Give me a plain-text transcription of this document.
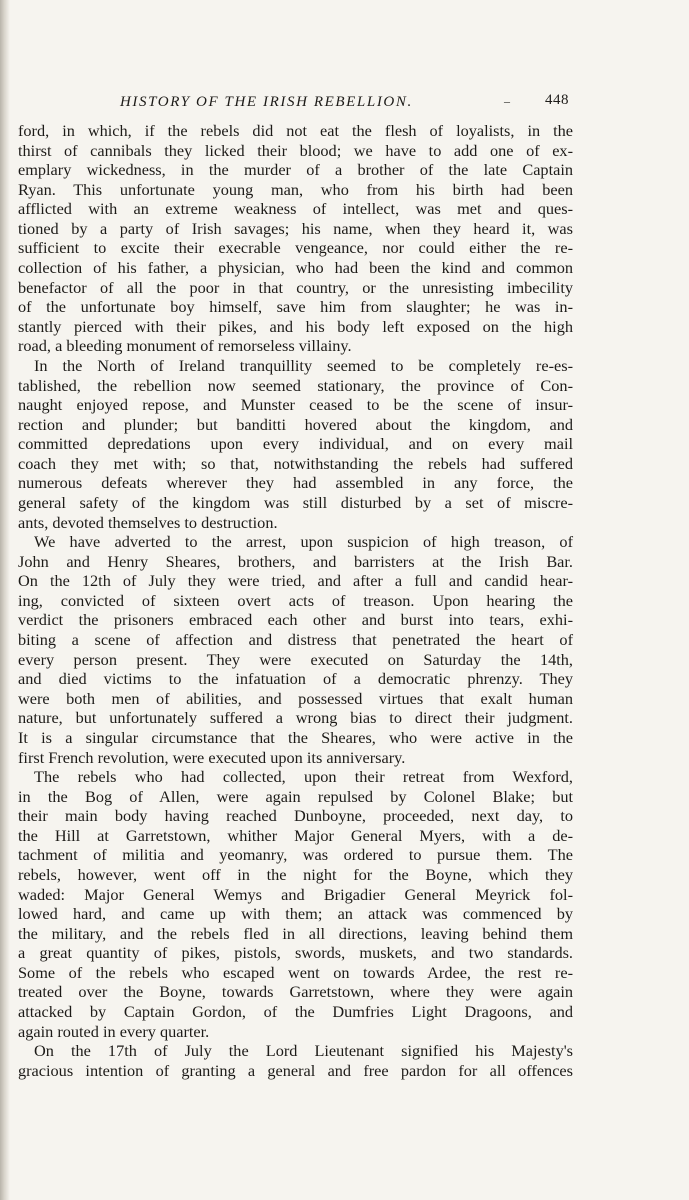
HISTORY OF THE IRISH REBELLION.	– 448
ford, in which, if the rebels did not eat the flesh of loyalists, in the
thirst of cannibals they licked their blood; we have to add one of ex-
emplary wickedness, in the murder of a brother of the late Captain
Ryan. This unfortunate young man, who from his birth had been
afflicted with an extreme weakness of intellect, was met and ques-
tioned by a party of Irish savages; his name, when they heard it, was
sufficient to excite their execrable vengeance, nor could either the re-
collection of his father, a physician, who had been the kind and common
benefactor of all the poor in that country, or the unresisting imbecility
of the unfortunate boy himself, save him from slaughter; he was in-
stantly pierced with their pikes, and his body left exposed on the high
road, a bleeding monument of remorseless villainy.
In the North of Ireland tranquillity seemed to be completely re-es-
tablished, the rebellion now seemed stationary, the province of Con-
naught enjoyed repose, and Munster ceased to be the scene of insur-
rection and plunder; but banditti hovered about the kingdom, and
committed depredations upon every individual, and on every mail
coach they met with; so that, notwithstanding the rebels had suffered
numerous defeats wherever they had assembled in any force, the
general safety of the kingdom was still disturbed by a set of miscre-
ants, devoted themselves to destruction.
We have adverted to the arrest, upon suspicion of high treason, of
John and Henry Sheares, brothers, and barristers at the Irish Bar.
On the 12th of July they were tried, and after a full and candid hear-
ing, convicted of sixteen overt acts of treason. Upon hearing the
verdict the prisoners embraced each other and burst into tears, exhi-
biting a scene of affection and distress that penetrated the heart of
every person present. They were executed on Saturday the 14th,
and died victims to the infatuation of a democratic phrenzy. They
were both men of abilities, and possessed virtues that exalt human
nature, but unfortunately suffered a wrong bias to direct their judgment.
It is a singular circumstance that the Sheares, who were active in the
first French revolution, were executed upon its anniversary.
The rebels who had collected, upon their retreat from Wexford,
in the Bog of Allen, were again repulsed by Colonel Blake; but
their main body having reached Dunboyne, proceeded, next day, to
the Hill at Garretstown, whither Major General Myers, with a de-
tachment of militia and yeomanry, was ordered to pursue them. The
rebels, however, went off in the night for the Boyne, which they
waded: Major General Wemys and Brigadier General Meyrick fol-
lowed hard, and came up with them; an attack was commenced by
the military, and the rebels fled in all directions, leaving behind them
a great quantity of pikes, pistols, swords, muskets, and two standards.
Some of the rebels who escaped went on towards Ardee, the rest re-
treated over the Boyne, towards Garretstown, where they were again
attacked by Captain Gordon, of the Dumfries Light Dragoons, and
again routed in every quarter.
On the 17th of July the Lord Lieutenant signified his Majesty's
gracious intention of granting a general and free pardon for all offences
